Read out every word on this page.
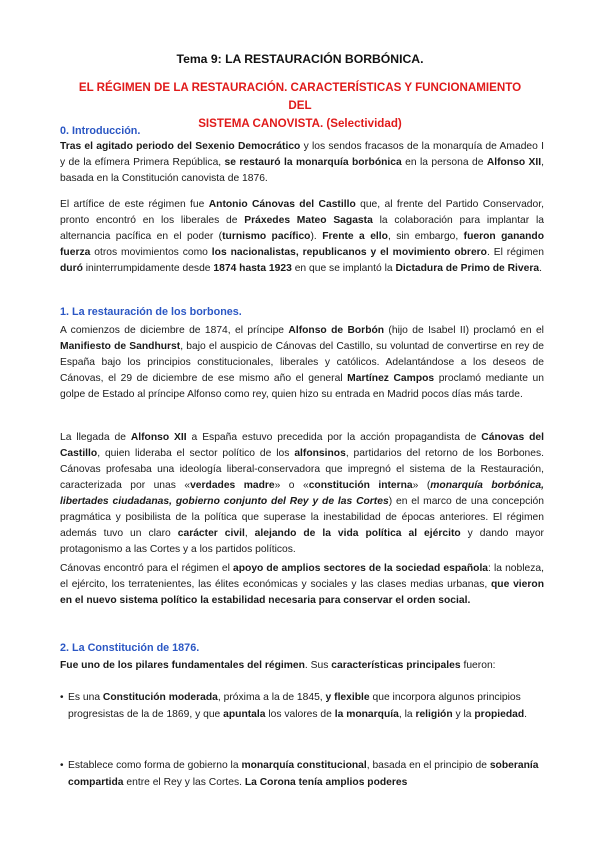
Tema 9: LA RESTAURACIÓN BORBÓNICA.
EL RÉGIMEN DE LA RESTAURACIÓN. CARACTERÍSTICAS Y FUNCIONAMIENTO DEL
SISTEMA CANOVISTA. (Selectividad)
0. Introducción.
Tras el agitado periodo del Sexenio Democrático y los sendos fracasos de la monarquía de Amadeo I y de la efímera Primera República, se restauró la monarquía borbónica en la persona de Alfonso XII, basada en la Constitución canovista de 1876.
El artífice de este régimen fue Antonio Cánovas del Castillo que, al frente del Partido Conservador, pronto encontró en los liberales de Práxedes Mateo Sagasta la colaboración para implantar la alternancia pacífica en el poder (turnismo pacífico). Frente a ello, sin embargo, fueron ganando fuerza otros movimientos como los nacionalistas, republicanos y el movimiento obrero. El régimen duró ininterrumpidamente desde 1874 hasta 1923 en que se implantó la Dictadura de Primo de Rivera.
1. La restauración de los borbones.
A comienzos de diciembre de 1874, el príncipe Alfonso de Borbón (hijo de Isabel II) proclamó en el Manifiesto de Sandhurst, bajo el auspicio de Cánovas del Castillo, su voluntad de convertirse en rey de España bajo los principios constitucionales, liberales y católicos. Adelantándose a los deseos de Cánovas, el 29 de diciembre de ese mismo año el general Martínez Campos proclamó mediante un golpe de Estado al príncipe Alfonso como rey, quien hizo su entrada en Madrid pocos días más tarde.
La llegada de Alfonso XII a España estuvo precedida por la acción propagandista de Cánovas del Castillo, quien lideraba el sector político de los alfonsinos, partidarios del retorno de los Borbones. Cánovas profesaba una ideología liberal-conservadora que impregnó el sistema de la Restauración, caracterizada por unas «verdades madre» o «constitución interna» (monarquía borbónica, libertades ciudadanas, gobierno conjunto del Rey y de las Cortes) en el marco de una concepción pragmática y posibilista de la política que superase la inestabilidad de épocas anteriores. El régimen además tuvo un claro carácter civil, alejando de la vida política al ejército y dando mayor protagonismo a las Cortes y a los partidos políticos.
Cánovas encontró para el régimen el apoyo de amplios sectores de la sociedad española: la nobleza, el ejército, los terratenientes, las élites económicas y sociales y las clases medias urbanas, que vieron en el nuevo sistema político la estabilidad necesaria para conservar el orden social.
2. La Constitución de 1876.
Fue uno de los pilares fundamentales del régimen. Sus características principales fueron:
• Es una Constitución moderada, próxima a la de 1845, y flexible que incorpora algunos principios progresistas de la de 1869, y que apuntala los valores de la monarquía, la religión y la propiedad.
• Establece como forma de gobierno la monarquía constitucional, basada en el principio de soberanía compartida entre el Rey y las Cortes. La Corona tenía amplios poderes
